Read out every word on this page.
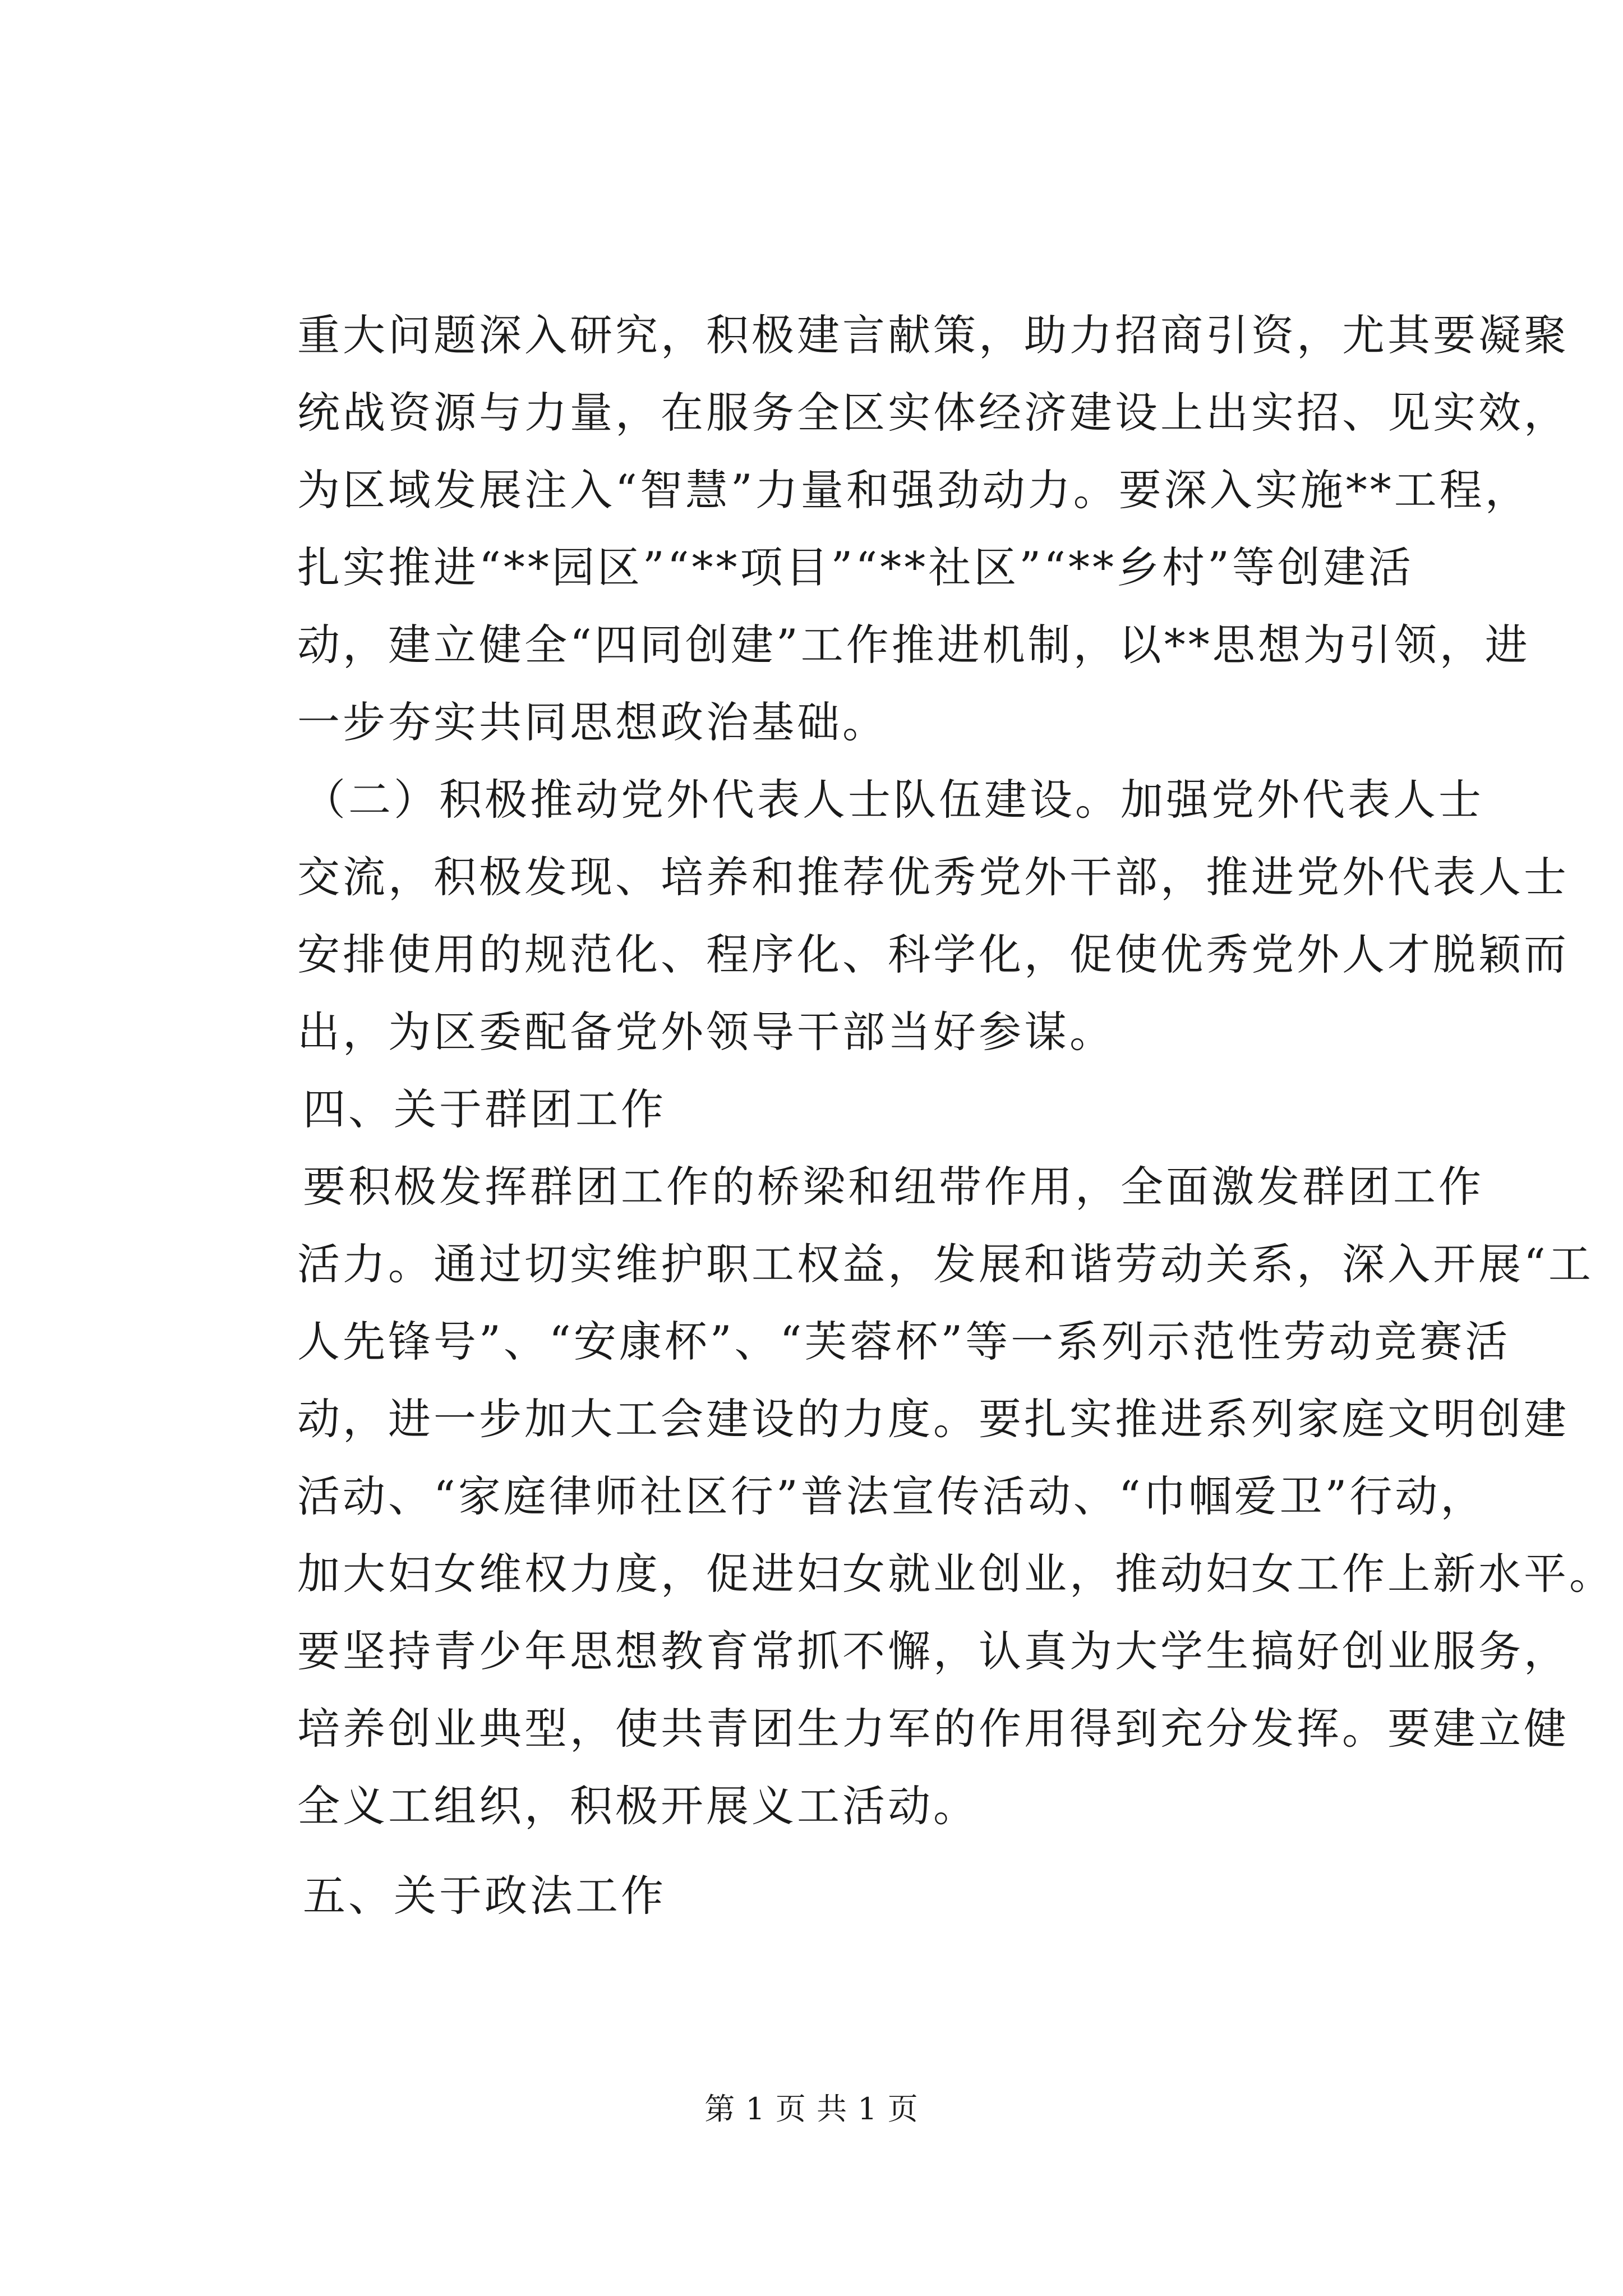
重大问题深入研究，积极建言献策，助力招商引资，尤其要凝聚
统战资源与力量，在服务全区实体经济建设上出实招、见实效，
为区域发展注入“智慧”力量和强劲动力。要深入实施**工程，
扎实推进“**园区”“**项目”“**社区”“**乡村”等创建活
动，建立健全“四同创建”工作推进机制，以**思想为引领，进
一步夯实共同思想政治基础。
（二）积极推动党外代表人士队伍建设。加强党外代表人士
交流，积极发现、培养和推荐优秀党外干部，推进党外代表人士
安排使用的规范化、程序化、科学化，促使优秀党外人才脱颖而
出，为区委配备党外领导干部当好参谋。
四、关于群团工作
要积极发挥群团工作的桥梁和纽带作用，全面激发群团工作
活力。通过切实维护职工权益，发展和谐劳动关系，深入开展“工
人先锋号”、“安康杯”、“芙蓉杯”等一系列示范性劳动竞赛活
动，进一步加大工会建设的力度。要扎实推进系列家庭文明创建
活动、“家庭律师社区行”普法宣传活动、“巾帼爱卫”行动，
加大妇女维权力度，促进妇女就业创业，推动妇女工作上新水平。
要坚持青少年思想教育常抓不懈，认真为大学生搞好创业服务，
培养创业典型，使共青团生力军的作用得到充分发挥。要建立健
全义工组织，积极开展义工活动。
五、关于政法工作
第 1 页 共 1 页
